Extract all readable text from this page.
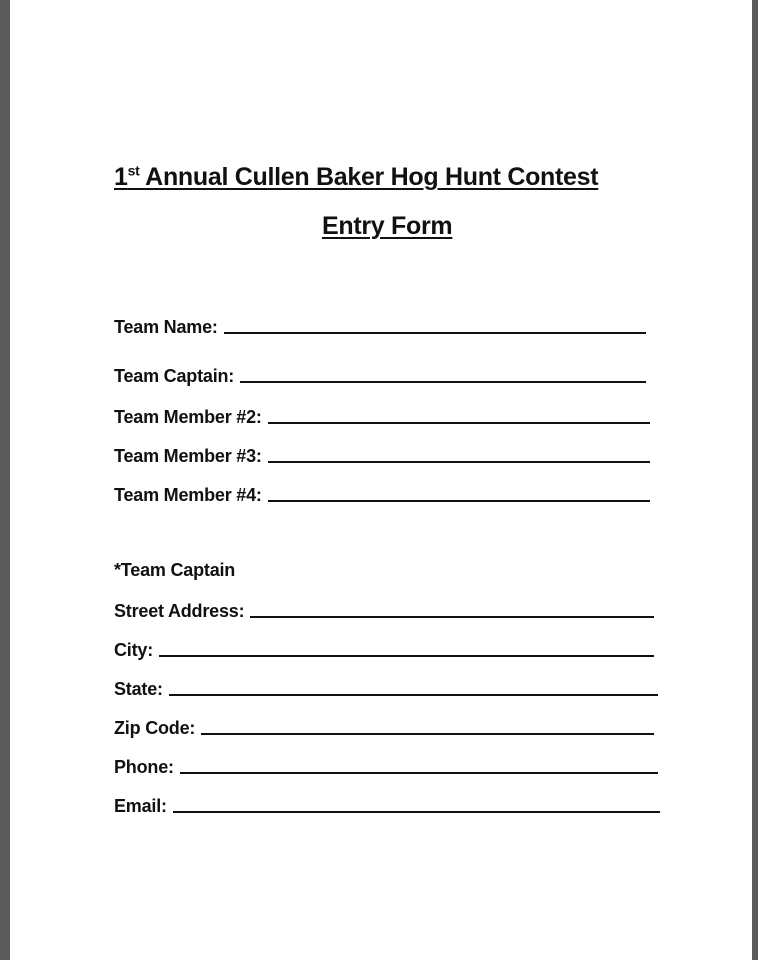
1st Annual Cullen Baker Hog Hunt Contest
Entry Form
Team Name:
Team Captain:
Team Member #2:
Team Member #3:
Team Member #4:
*Team Captain
Street Address:
City:
State:
Zip Code:
Phone:
Email:
